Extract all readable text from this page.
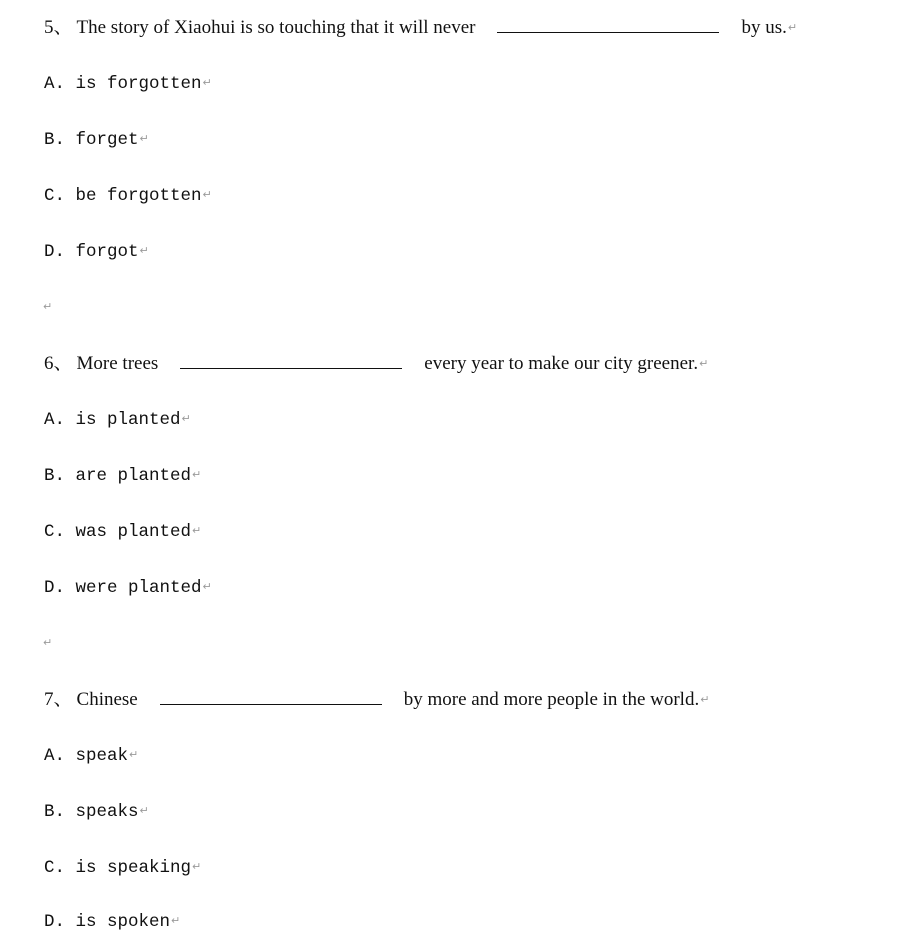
5、 The story of Xiaohui is so touching that it will never	by us.↵
A. is forgotten↵
B. forget↵
C. be forgotten↵
D. forgot↵
↵
6、 More trees	every year to make our city greener.↵
A. is planted↵
B. are planted↵
C. was planted↵
D. were planted↵
↵
7、 Chinese	by more and more people in the world.↵
A. speak↵
B. speaks↵
C. is speaking↵
D. is spoken↵
